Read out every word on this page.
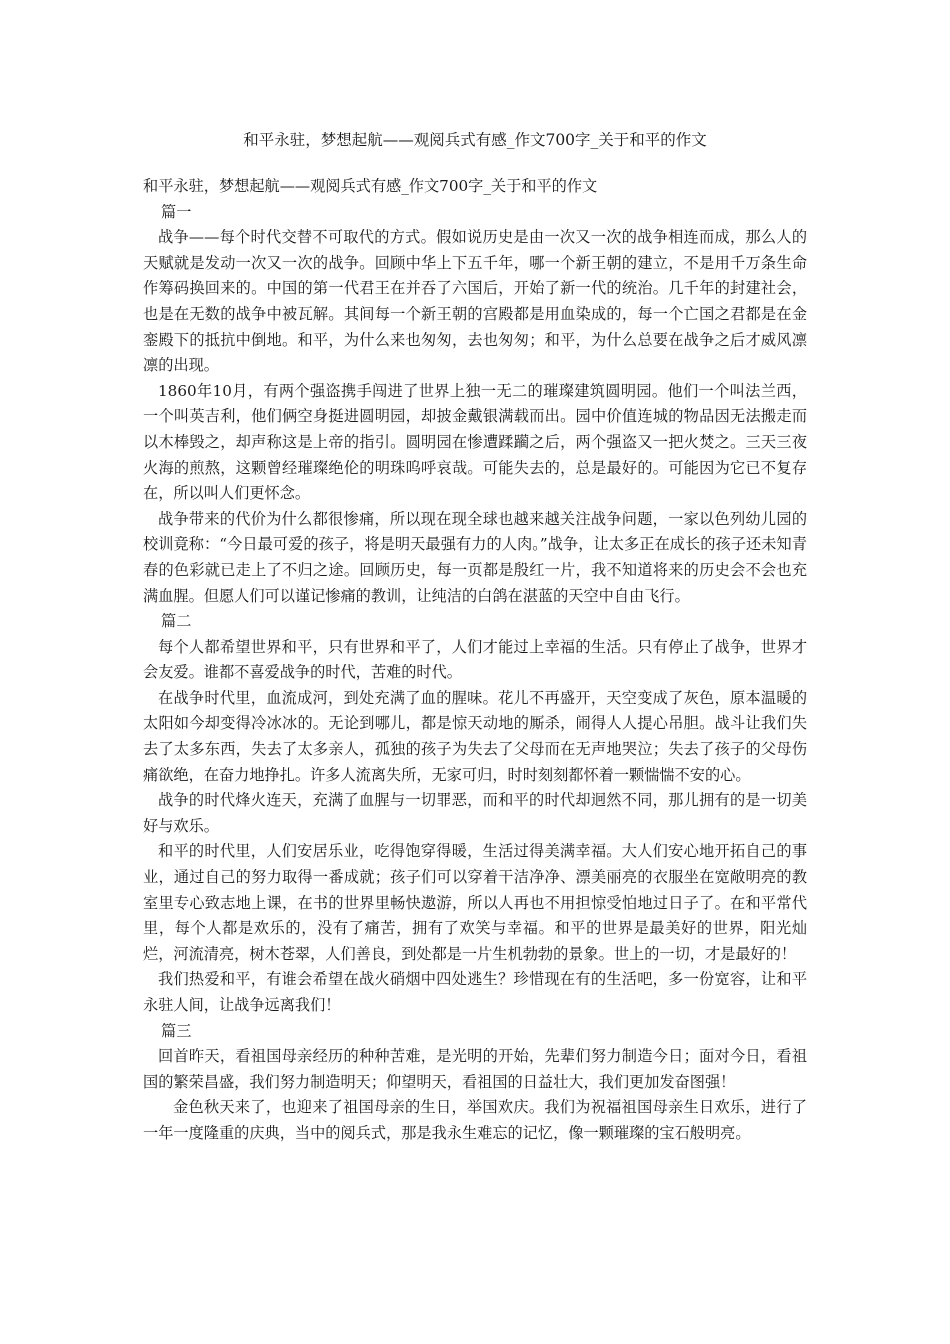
和平永驻，梦想起航——观阅兵式有感_作文700字_关于和平的作文

和平永驻，梦想起航——观阅兵式有感_作文700字_关于和平的作文

篇一

战争——每个时代交替不可取代的方式。假如说历史是由一次又一次的战争相连而成，那么人的天赋就是发动一次又一次的战争。回顾中华上下五千年，哪一个新王朝的建立，不是用千万条生命作筹码换回来的。中国的第一代君王在并吞了六国后，开始了新一代的统治。几千年的封建社会，也是在无数的战争中被瓦解。其间每一个新王朝的宫殿都是用血染成的，每一个亡国之君都是在金銮殿下的抵抗中倒地。和平，为什么来也匆匆，去也匆匆；和平，为什么总要在战争之后才威风凛凛的出现。

1860年10月，有两个强盗携手闯进了世界上独一无二的璀璨建筑圆明园。他们一个叫法兰西，一个叫英吉利，他们俩空身挺进圆明园，却披金戴银满载而出。园中价值连城的物品因无法搬走而以木棒毁之，却声称这是上帝的指引。圆明园在惨遭蹂躏之后，两个强盗又一把火焚之。三天三夜火海的煎熬，这颗曾经璀璨绝伦的明珠呜呼哀哉。可能失去的，总是最好的。可能因为它已不复存在，所以叫人们更怀念。

战争带来的代价为什么都很惨痛，所以现在现全球也越来越关注战争问题，一家以色列幼儿园的校训竟称：“今日最可爱的孩子，将是明天最强有力的人肉。”战争，让太多正在成长的孩子还未知青春的色彩就已走上了不归之途。回顾历史，每一页都是殷红一片，我不知道将来的历史会不会也充满血腥。但愿人们可以谨记惨痛的教训，让纯洁的白鸽在湛蓝的天空中自由飞行。

篇二

每个人都希望世界和平，只有世界和平了，人们才能过上幸福的生活。只有停止了战争，世界才会友爱。谁都不喜爱战争的时代，苦难的时代。

在战争时代里，血流成河，到处充满了血的腥味。花儿不再盛开，天空变成了灰色，原本温暖的太阳如今却变得冷冰冰的。无论到哪儿，都是惊天动地的厮杀，闹得人人提心吊胆。战斗让我们失去了太多东西，失去了太多亲人，孤独的孩子为失去了父母而在无声地哭泣；失去了孩子的父母伤痛欲绝，在奋力地挣扎。许多人流离失所，无家可归，时时刻刻都怀着一颗惴惴不安的心。

战争的时代烽火连天，充满了血腥与一切罪恶，而和平的时代却迥然不同，那儿拥有的是一切美好与欢乐。

和平的时代里，人们安居乐业，吃得饱穿得暖，生活过得美满幸福。大人们安心地开拓自己的事业，通过自己的努力取得一番成就；孩子们可以穿着干洁净净、漂美丽亮的衣服坐在宽敞明亮的教室里专心致志地上课，在书的世界里畅快遨游，所以人再也不用担惊受怕地过日子了。在和平常代里，每个人都是欢乐的，没有了痛苦，拥有了欢笑与幸福。和平的世界是最美好的世界，阳光灿烂，河流清亮，树木苍翠，人们善良，到处都是一片生机勃勃的景象。世上的一切，才是最好的！

我们热爱和平，有谁会希望在战火硝烟中四处逃生？珍惜现在有的生活吧，多一份宽容，让和平永驻人间，让战争远离我们！

篇三

回首昨天，看祖国母亲经历的种种苦难，是光明的开始，先辈们努力制造今日；面对今日，看祖国的繁荣昌盛，我们努力制造明天；仰望明天，看祖国的日益壮大，我们更加发奋图强！

金色秋天来了，也迎来了祖国母亲的生日，举国欢庆。我们为祝福祖国母亲生日欢乐，进行了一年一度隆重的庆典，当中的阅兵式，那是我永生难忘的记忆，像一颗璀璨的宝石般明亮。
